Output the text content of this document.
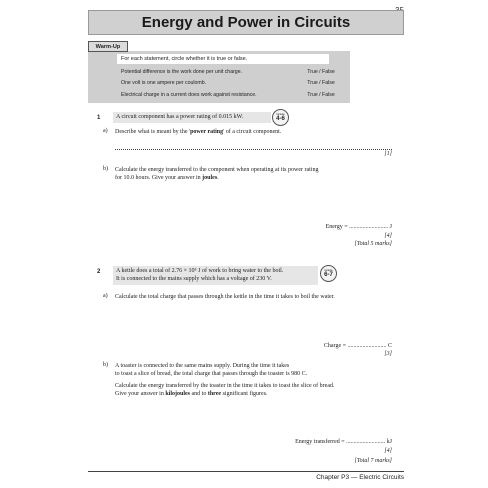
Energy and Power in Circuits
Warm-Up
For each statement, circle whether it is true or false.
Potential difference is the work done per unit charge.	True / False
One volt is one ampere per coulomb.	True / False
Electrical charge in a current does work against resistance.	True / False
1	A circuit component has a power rating of 0.015 kW.
Grade
4-6
a) Describe what is meant by the 'power rating' of a circuit component.
[1]
b) Calculate the energy transferred to the component when operating at its power rating
for 10.0 hours. Give your answer in joules.
Energy = .......................... J
[4]
[Total 5 marks]
2	A kettle does a total of 2.76 × 10⁵ J of work to bring water to the boil.
It is connected to the mains supply which has a voltage of 230 V.
Grade
6-7
a) Calculate the total charge that passes through the kettle in the time it takes to boil the water.
Charge = .......................... C
[3]
b) A toaster is connected to the same mains supply. During the time it takes
to toast a slice of bread, the total charge that passes through the toaster is 980 C.
Calculate the energy transferred by the toaster in the time it takes to toast the slice of bread.
Give your answer in kilojoules and to three significant figures.
Energy transferred = .......................... kJ
[4]
[Total 7 marks]
Chapter P3 — Electric Circuits
